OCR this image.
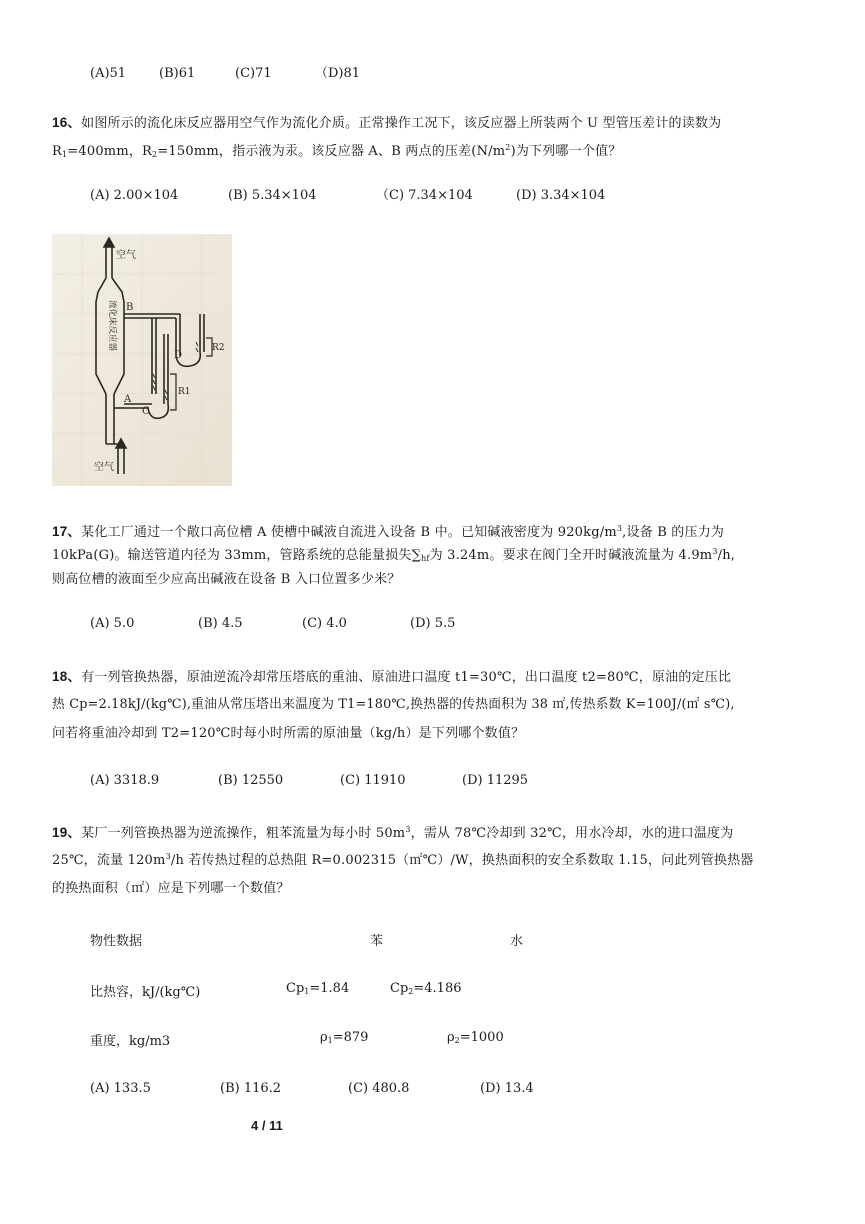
(A)51	(B)61	(C)71	（D)81
16、如图所示的流化床反应器用空气作为流化介质。正常操作工况下，该反应器上所装两个 U 型管压差计的读数为
$R_1=400mm$，$R_2=150mm$，指示液为汞。该反应器 A、B 两点的压差$(N/m^2)$为下列哪一个值？
(A) 2.00×104	(B) 5.34×104	（C) 7.34×104	(D) 3.34×104
空气
空气
B
A
C
D
R2
R1
流化床反应器
17、某化工厂通过一个敞口高位槽 A 使槽中碱液自流进入设备 B 中。已知碱液密度为 $920kg/m^3$,设备 B 的压力为
10kPa(G)。输送管道内径为 33mm，管路系统的总能量损失$\sum_{hf}$为 3.24m。要求在阀门全开时碱液流量为 $4.9m^3/h$,
则高位槽的液面至少应高出碱液在设备 B 入口位置多少米？
(A) 5.0	(B) 4.5	(C) 4.0	(D) 5.5
18、有一列管换热器，原油逆流冷却常压塔底的重油、原油进口温度 t1=30℃，出口温度 t2=80℃，原油的定压比
热 Cp=2.18kJ/(kg℃),重油从常压塔出来温度为 T1=180℃,换热器的传热面积为 38 ㎡,传热系数 K=100J/(㎡ s℃),
问若将重油冷却到 T2=120℃时每小时所需的原油量（kg/h）是下列哪个数值？
(A) 3318.9	(B) 12550	(C) 11910	(D) 11295
19、某厂一列管换热器为逆流操作，粗苯流量为每小时 $50m^3$，需从 78℃冷却到 32℃，用水冷却，水的进口温度为
25℃，流量 $120m^3/h$ 若传热过程的总热阻 R=0.002315（㎡℃）/W，换热面积的安全系数取 1.15，问此列管换热器
的换热面积（㎡）应是下列哪一个数值？
物性数据	苯	水
比热容，kJ/(kg℃)	$Cp_1=1.84$	$Cp_2=4.186$
重度，kg/m3	$\rho_1=879$	$\rho_2=1000$
(A) 133.5	(B) 116.2	(C) 480.8	(D) 13.4
4 / 11
